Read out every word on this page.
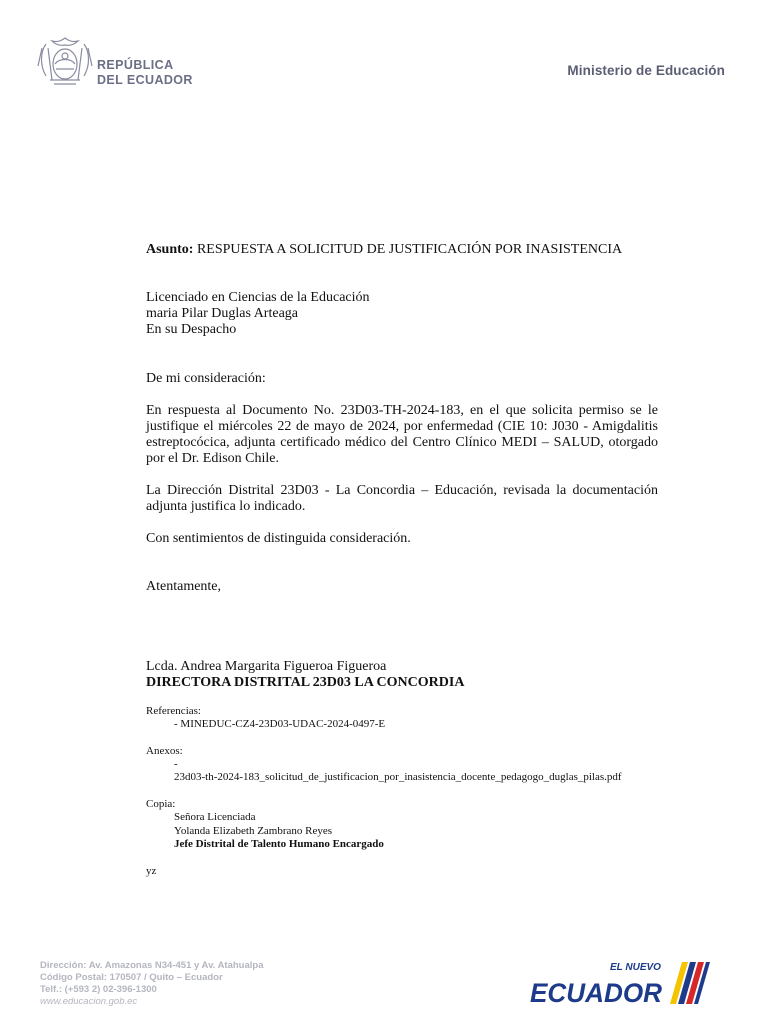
REPÚBLICA
DEL ECUADOR
Ministerio de Educación
Asunto: RESPUESTA A SOLICITUD DE JUSTIFICACIÓN POR INASISTENCIA
Licenciado en Ciencias de la Educación
maria Pilar Duglas Arteaga
En su Despacho
De mi consideración:
En respuesta al Documento No. 23D03-TH-2024-183, en el que solicita permiso se le justifique el miércoles 22 de mayo de 2024, por enfermedad (CIE 10: J030 - Amigdalitis estreptocócica, adjunta certificado médico del Centro Clínico MEDI – SALUD, otorgado por el Dr. Edison Chile.
La Dirección Distrital 23D03 - La Concordia – Educación, revisada la documentación adjunta justifica lo indicado.
Con sentimientos de distinguida consideración.
Atentamente,
Lcda. Andrea Margarita Figueroa Figueroa
DIRECTORA DISTRITAL 23D03 LA CONCORDIA
Referencias:
- MINEDUC-CZ4-23D03-UDAC-2024-0497-E
Anexos:
-
23d03-th-2024-183_solicitud_de_justificacion_por_inasistencia_docente_pedagogo_duglas_pilas.pdf
Copia:
Señora Licenciada
Yolanda Elizabeth Zambrano Reyes
Jefe Distrital de Talento Humano Encargado
yz
Dirección: Av. Amazonas N34-451 y Av. Atahualpa
Código Postal: 170507 / Quito – Ecuador
Telf.: (+593 2) 02-396-1300
www.educacion.gob.ec
EL NUEVO
ECUADOR
